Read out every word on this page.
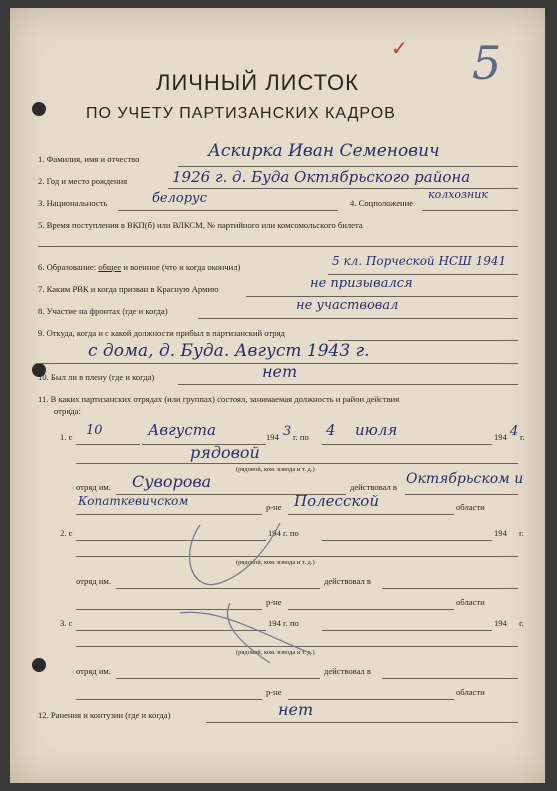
5
✓
ЛИЧНЫЙ ЛИСТОК
ПО УЧЕТУ ПАРТИЗАНСКИХ КАДРОВ
1. Фамилия, имя и отчество	Аскирка Иван Семенович
2. Год и место рождения	1926 г. д. Буда Октябрьского района
3. Национальность	белорус	4. Соцположение
колхозник
5. Время поступления в ВКП(б) или ВЛКСМ, № партийного или комсомольского билета
6. Образование: общее и военное (что и когда окончил)	5 кл. Порческой НСШ 1941
7. Каким РВК и когда призван в Красную Армию	не призывался
8. Участие на фронтах (где и когда)	не участвовал
9. Откуда, когда и с какой должности прибыл в партизанский отряд
с дома, д. Буда. Август 1943 г.
10. Был ли в плену (где и когда)	нет
11. В каких партизанских отрядах (или группах) состоял, занимаемая должность и район действия
отряда:
1. с 10	Августа	194 3 г. по 4 июля	194 4 г.
рядовой
(рядовой, ком. взвода и т. д.)
отряд им. Суворова	действовал в Октябрьском и
Копаткевичском	р-не Полесской	области
2. с	194 г. по	194 г.
(рядовой, ком. взвода и т. д.)
отряд им.	действовал в
р-не	области
3. с	194 г. по	194 г.
(рядовой, ком. взвода и т. д.)
отряд им.	действовал в
р-не	области
12. Ранения и контузии (где и когда)	нет
